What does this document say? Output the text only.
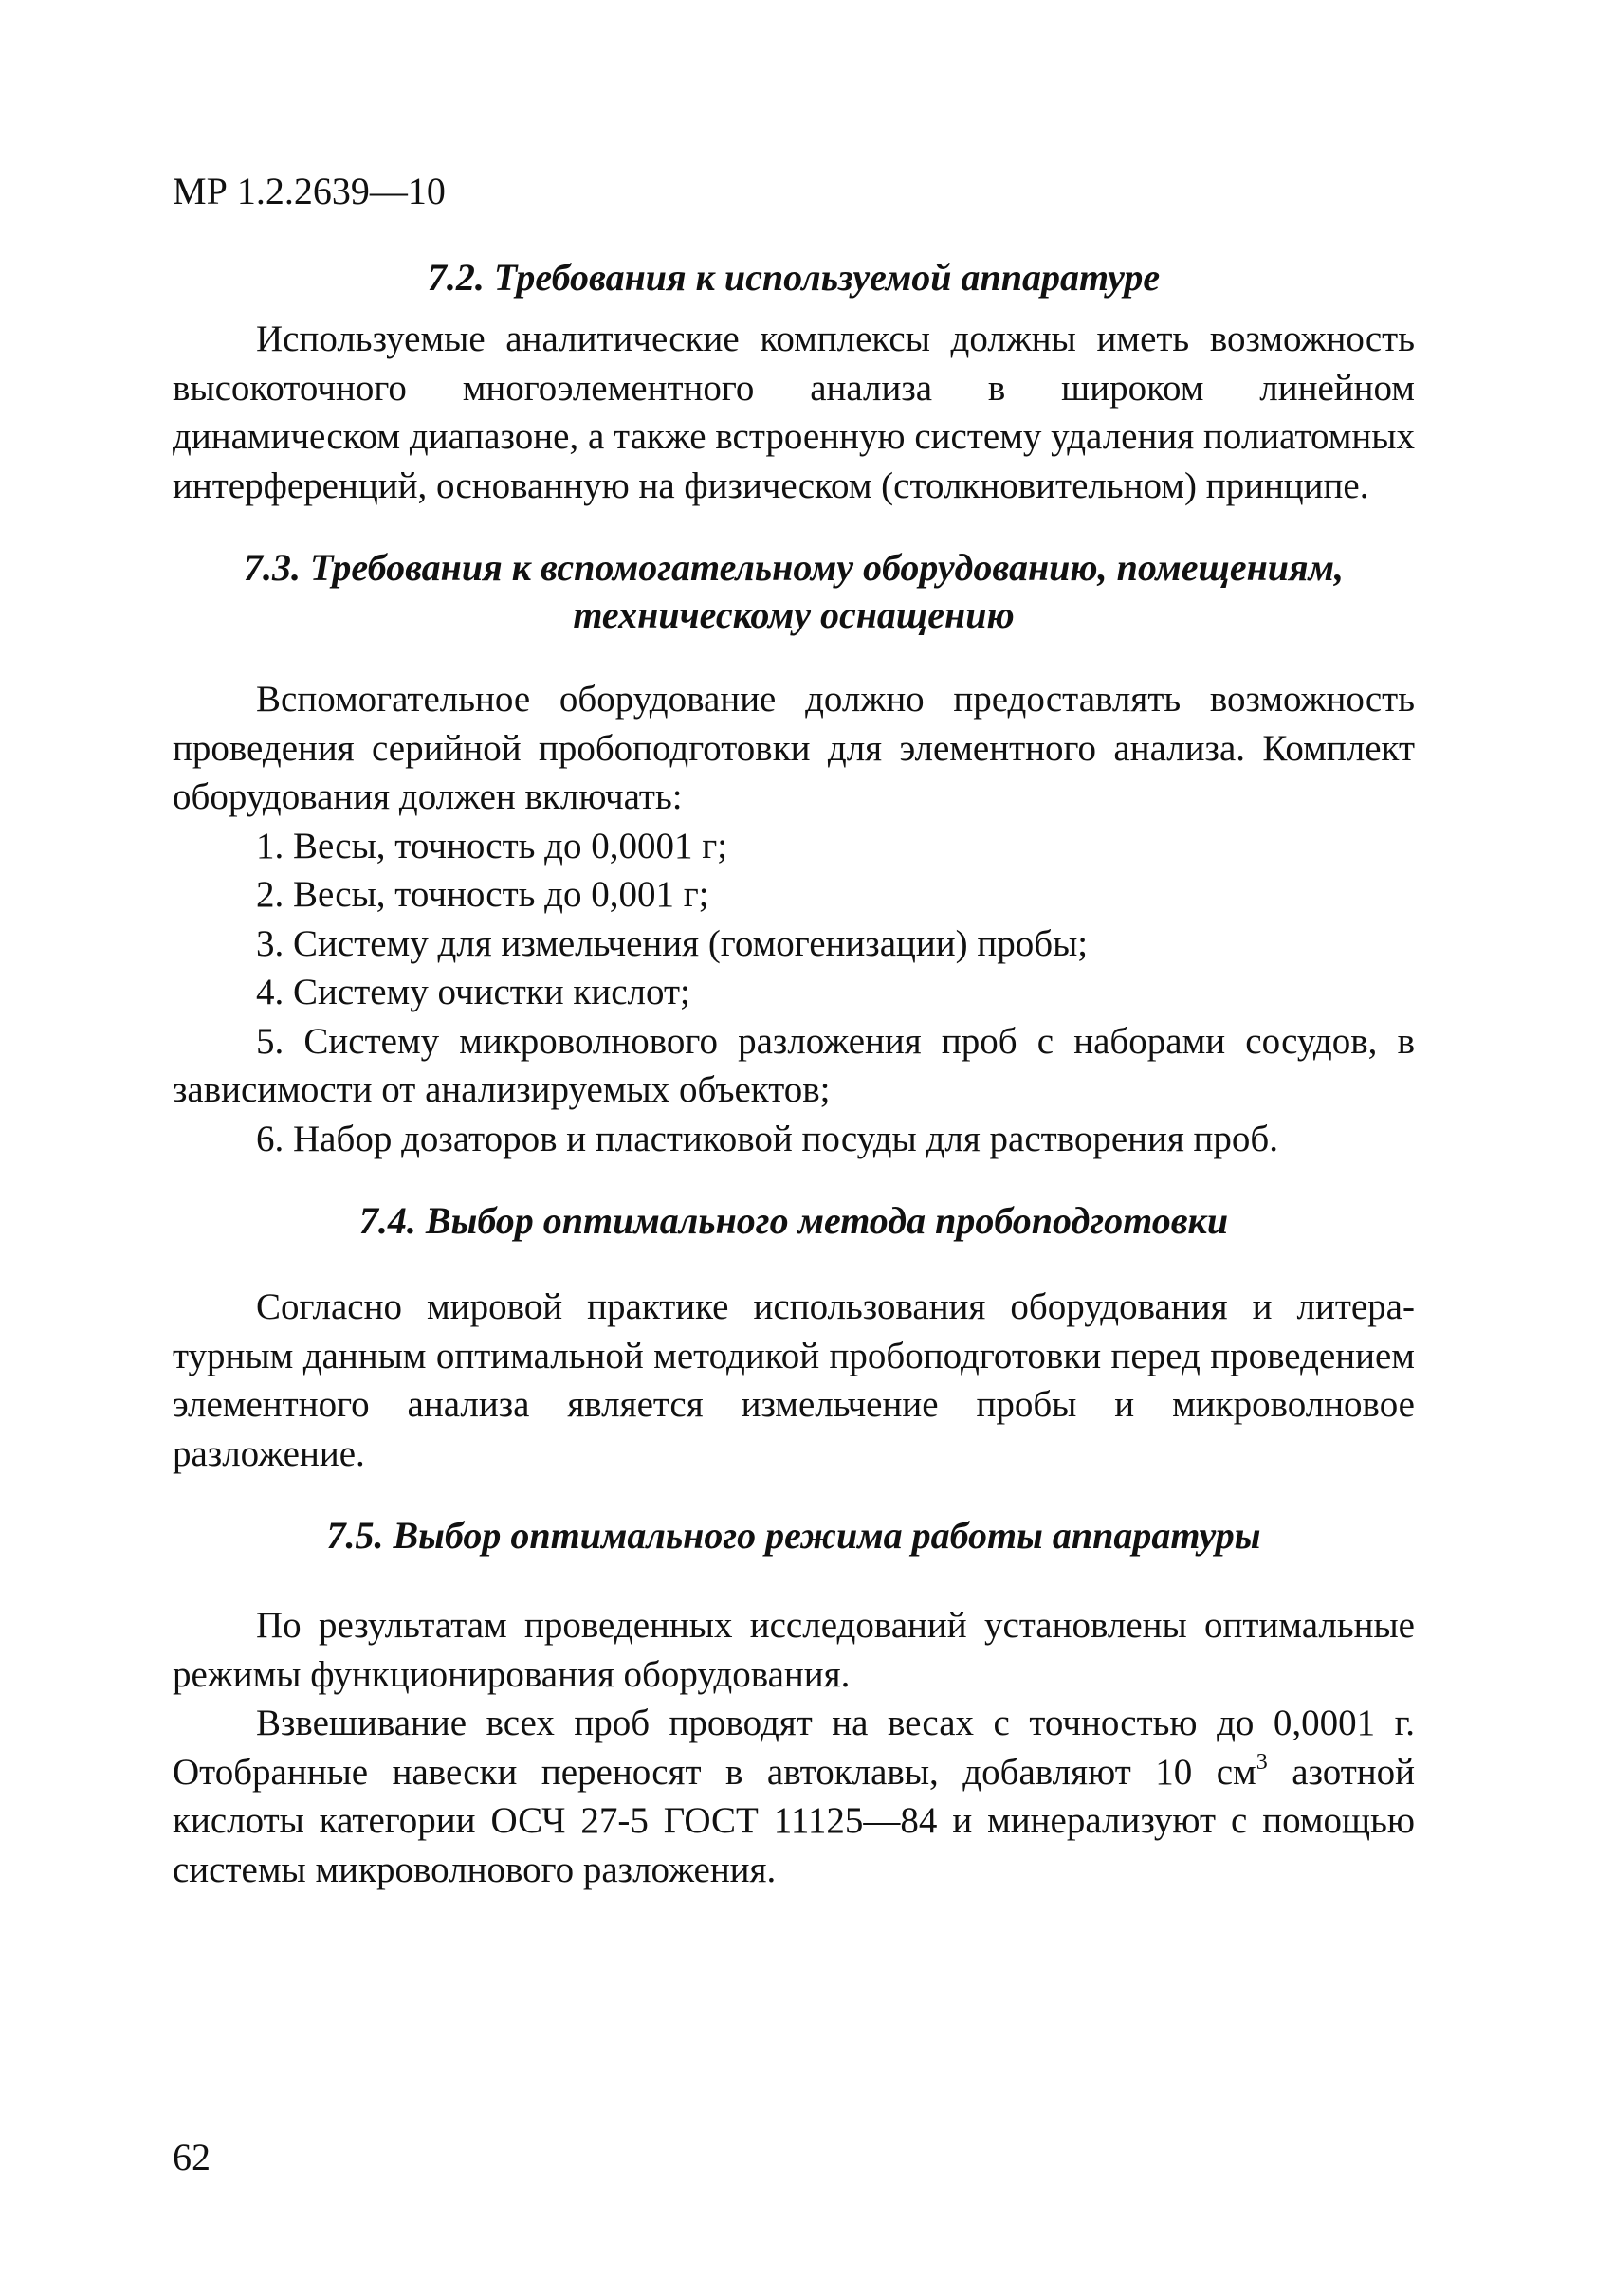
МР 1.2.2639—10
7.2. Требования к используемой аппаратуре

Используемые аналитические комплексы должны иметь возможность высокоточного многоэлементного анализа в широком линейном динамическом диапазоне, а также встроенную систему удаления полиатомных интерференций, основанную на физическом (столкновительном) принципе.

7.3. Требования к вспомогательному оборудованию, помещениям,
техническому оснащению

Вспомогательное оборудование должно предоставлять возможность проведения серийной пробоподготовки для элементного анализа. Комплект оборудования должен включать:

1. Весы, точность до 0,0001 г;
2. Весы, точность до 0,001 г;
3. Систему для измельчения (гомогенизации) пробы;
4. Систему очистки кислот;
5. Систему микроволнового разложения проб с наборами сосудов, в зависимости от анализируемых объектов;
6. Набор дозаторов и пластиковой посуды для растворения проб.
7.4. Выбор оптимального метода пробоподготовки

Согласно мировой практике использования оборудования и литературным данным оптимальной методикой пробоподготовки перед проведением элементного анализа является измельчение пробы и микроволновое разложение.

7.5. Выбор оптимального режима работы аппаратуры

По результатам проведенных исследований установлены оптимальные режимы функционирования оборудования.

Взвешивание всех проб проводят на весах с точностью до 0,0001 г. Отобранные навески переносят в автоклавы, добавляют 10 $см^3$ азотной кислоты категории ОСЧ 27-5 ГОСТ 11125—84 и минерализуют с помощью системы микроволнового разложения.

62
